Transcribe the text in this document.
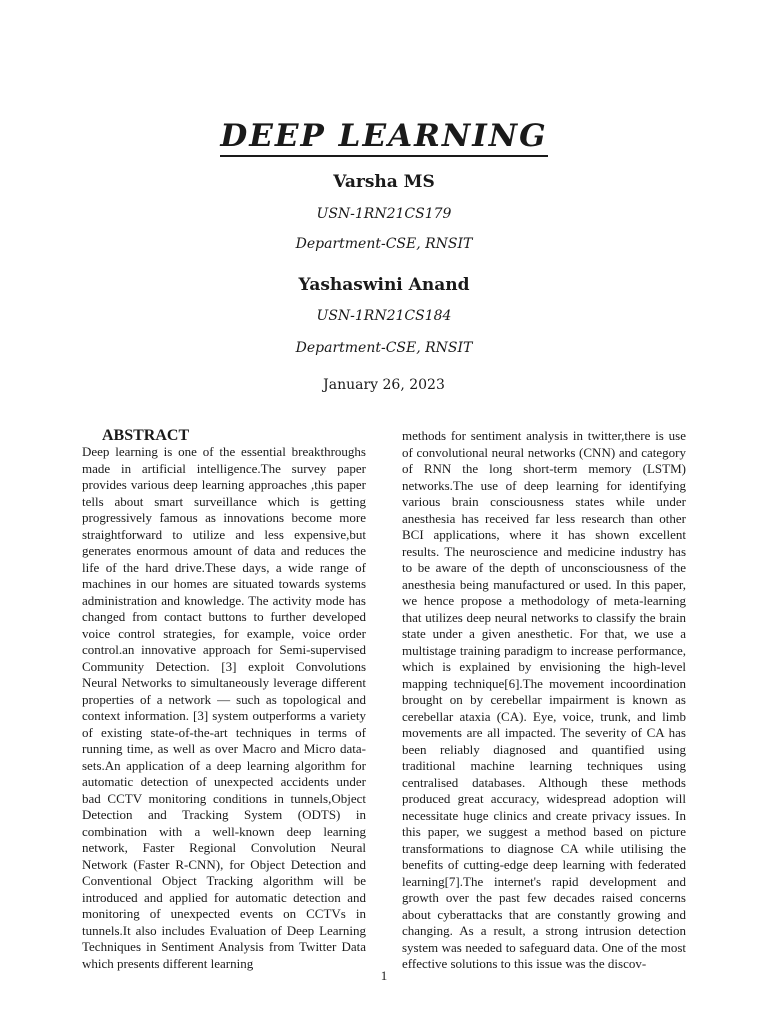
DEEP LEARNING
Varsha MS
USN-1RN21CS179
Department-CSE, RNSIT
Yashaswini Anand
USN-1RN21CS184
Department-CSE, RNSIT
January 26, 2023
ABSTRACT
Deep learning is one of the essential breakthroughs made in artificial intelligence.The survey paper provides various deep learning approaches ,this paper tells about smart surveillance which is getting progressively famous as innovations become more straightforward to utilize and less expensive,but generates enormous amount of data and reduces the life of the hard drive.These days, a wide range of machines in our homes are situated towards systems administration and knowledge. The activity mode has changed from contact buttons to further developed voice control strategies, for example, voice order control.an innovative approach for Semi-supervised Community Detection. [3] exploit Convolutions Neural Networks to simultaneously leverage different properties of a network — such as topological and context information. [3] system outperforms a variety of existing state-of-the-art techniques in terms of running time, as well as over Macro and Micro data-sets.An application of a deep learning algorithm for automatic detection of unexpected accidents under bad CCTV monitoring conditions in tunnels,Object Detection and Tracking System (ODTS) in combination with a well-known deep learning network, Faster Regional Convolution Neural Network (Faster R-CNN), for Object Detection and Conventional Object Tracking algorithm will be introduced and applied for automatic detection and monitoring of unexpected events on CCTVs in tunnels.It also includes Evaluation of Deep Learning Techniques in Sentiment Analysis from Twitter Data which presents different learning
methods for sentiment analysis in twitter,there is use of convolutional neural networks (CNN) and category of RNN the long short-term memory (LSTM) networks.The use of deep learning for identifying various brain consciousness states while under anesthesia has received far less research than other BCI applications, where it has shown excellent results. The neuroscience and medicine industry has to be aware of the depth of unconsciousness of the anesthesia being manufactured or used. In this paper, we hence propose a methodology of meta-learning that utilizes deep neural networks to classify the brain state under a given anesthetic. For that, we use a multistage training paradigm to increase performance, which is explained by envisioning the high-level mapping technique[6].The movement incoordination brought on by cerebellar impairment is known as cerebellar ataxia (CA). Eye, voice, trunk, and limb movements are all impacted. The severity of CA has been reliably diagnosed and quantified using traditional machine learning techniques using centralised databases. Although these methods produced great accuracy, widespread adoption will necessitate huge clinics and create privacy issues. In this paper, we suggest a method based on picture transformations to diagnose CA while utilising the benefits of cutting-edge deep learning with federated learning[7].The internet's rapid development and growth over the past few decades raised concerns about cyberattacks that are constantly growing and changing. As a result, a strong intrusion detection system was needed to safeguard data. One of the most effective solutions to this issue was the discov-
1
